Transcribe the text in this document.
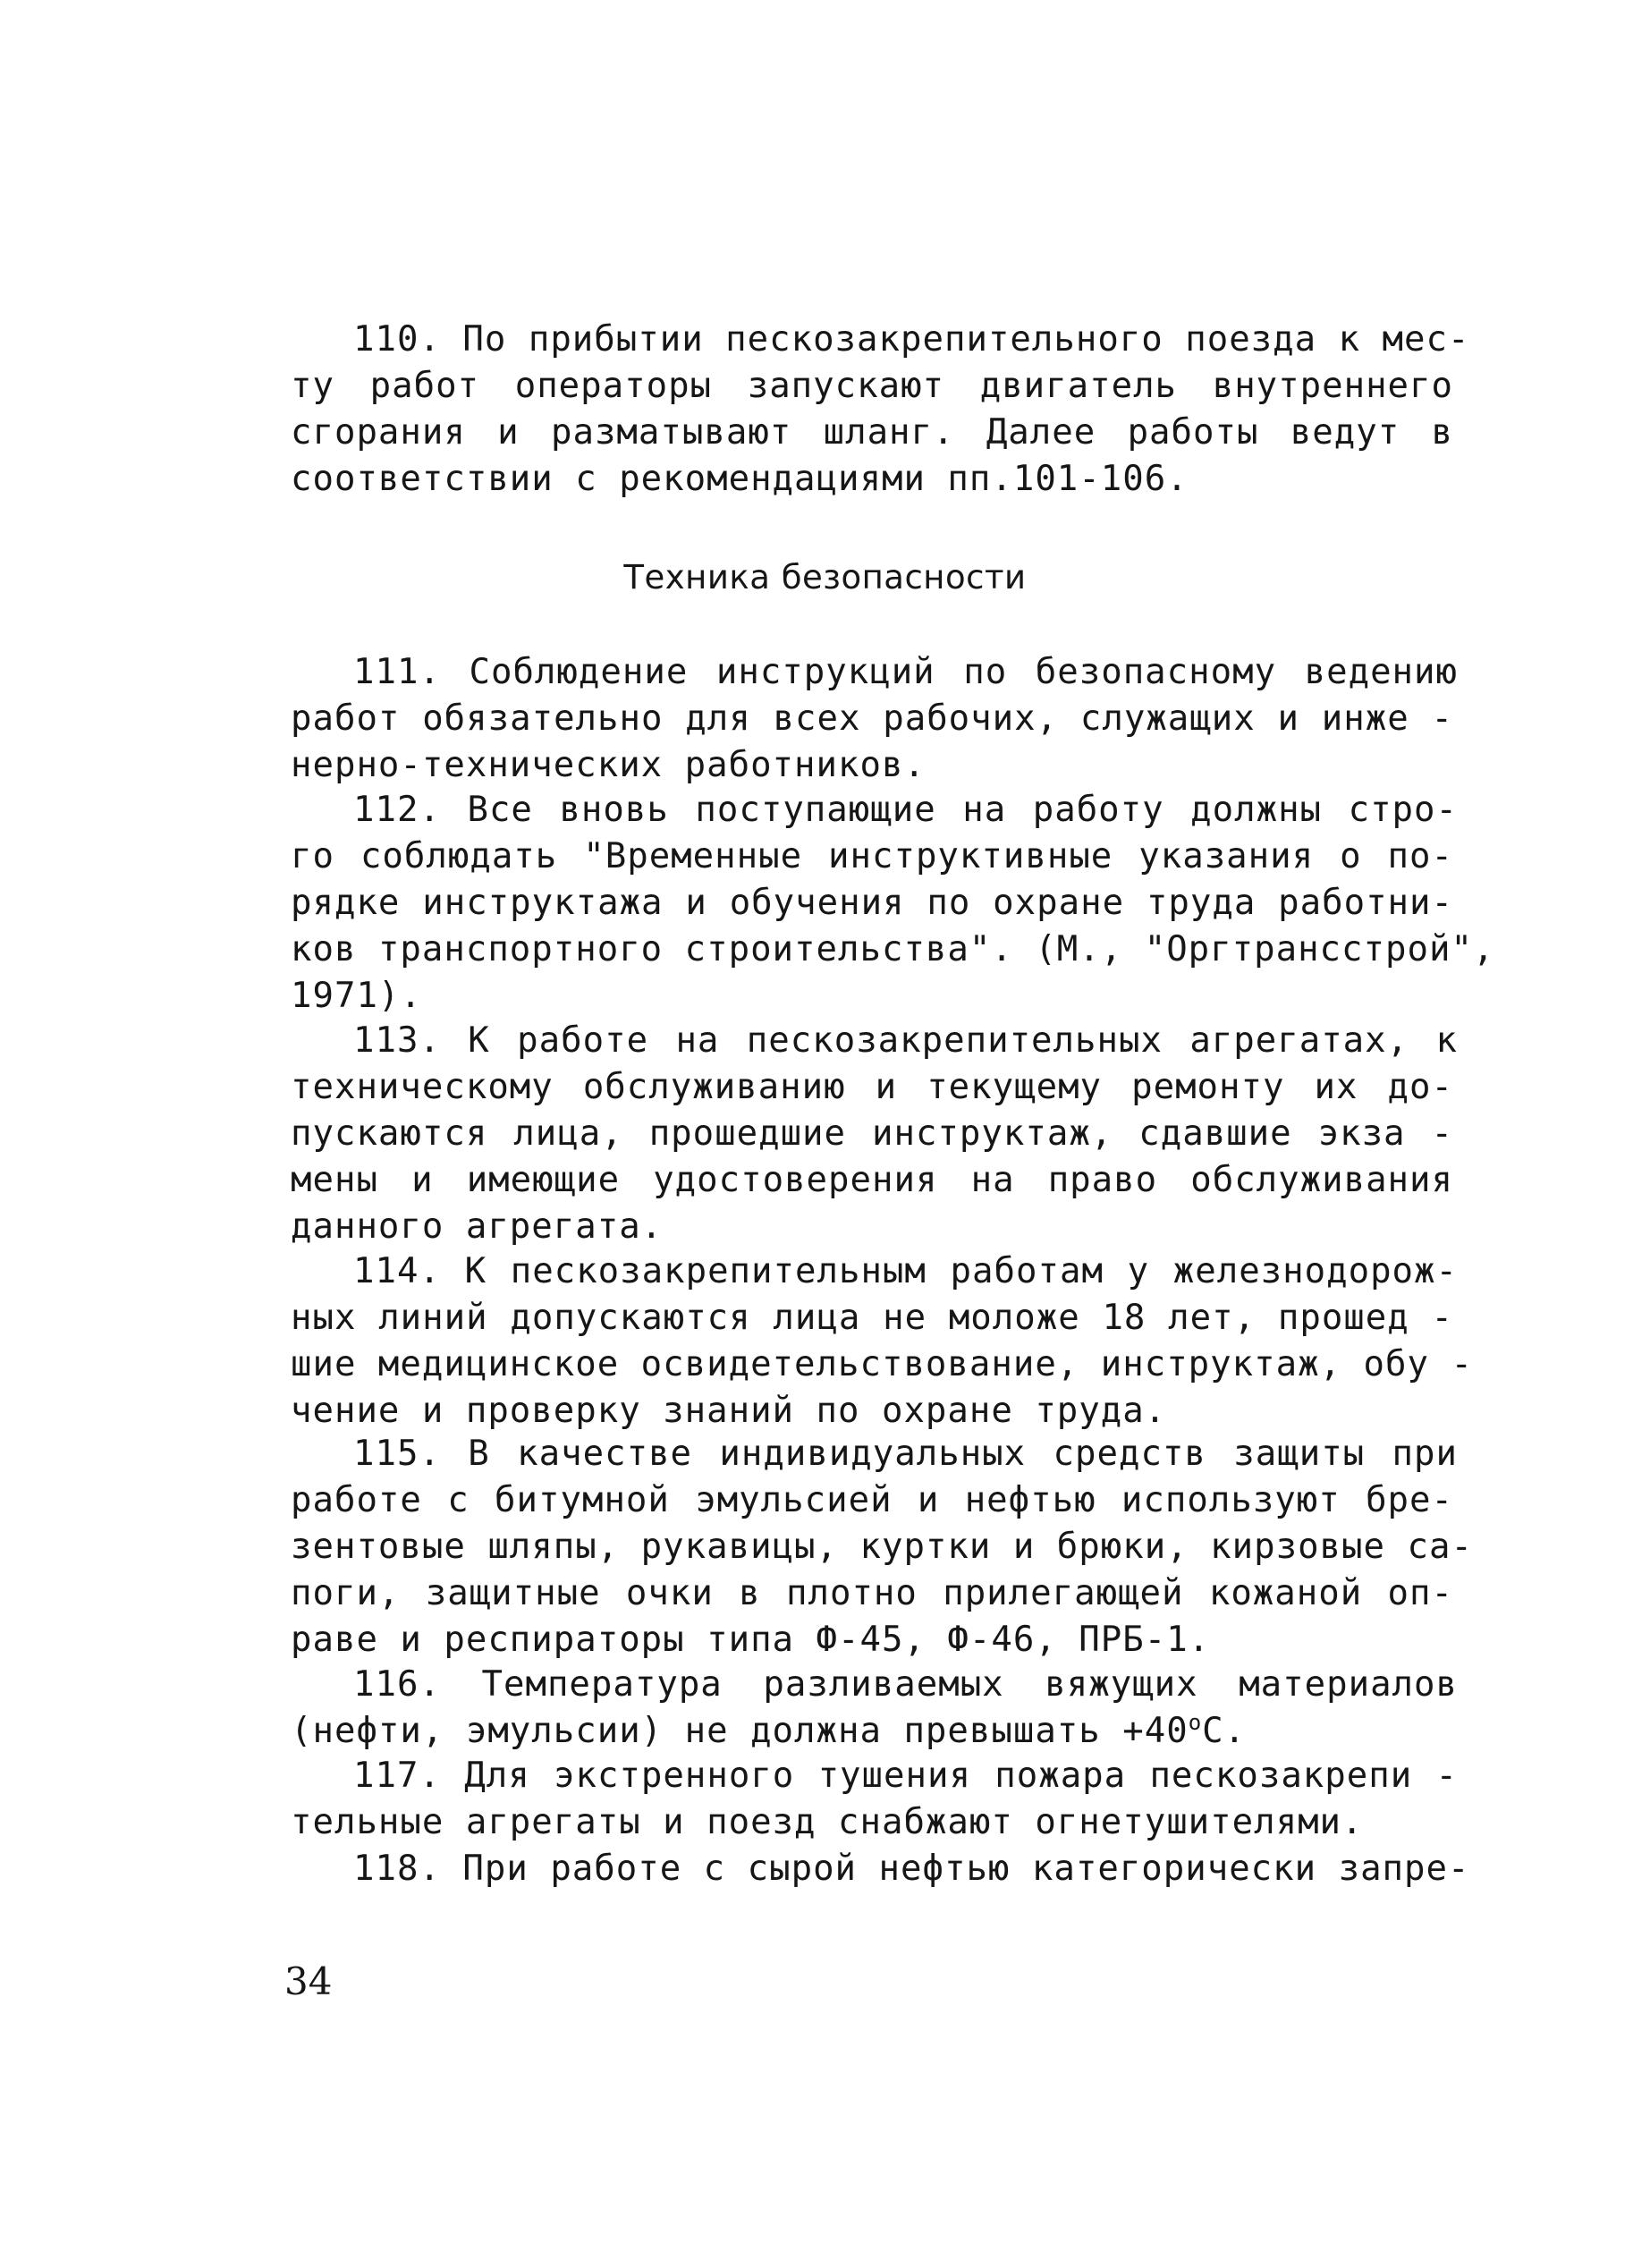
110. По прибытии пескозакрепительного поезда к мес-
ту работ операторы запускают двигатель внутреннего
сгорания и разматывают шланг. Далее работы ведут в
соответствии с рекомендациями пп.101-106.
Техника безопасности
111. Соблюдение инструкций по безопасному ведению
работ обязательно для всех рабочих, служащих и инже -
нерно-технических работников.
112. Все вновь поступающие на работу должны стро-
го соблюдать "Временные инструктивные указания о по-
рядке инструктажа и обучения по охране труда работни-
ков транспортного строительства". (М., "Оргтрансстрой",
1971).
113. К работе на пескозакрепительных агрегатах, к
техническому обслуживанию и текущему ремонту их до-
пускаются лица, прошедшие инструктаж, сдавшие экза -
мены и имеющие удостоверения на право обслуживания
данного агрегата.
114. К пескозакрепительным работам у железнодорож-
ных линий допускаются лица не моложе 18 лет, прошед -
шие медицинское освидетельствование, инструктаж, обу -
чение и проверку знаний по охране труда.
115. В качестве индивидуальных средств защиты при
работе с битумной эмульсией и нефтью используют бре-
зентовые шляпы, рукавицы, куртки и брюки, кирзовые са-
поги, защитные очки в плотно прилегающей кожаной оп-
раве и респираторы типа Ф-45, Ф-46, ПРБ-1.
116. Температура разливаемых вяжущих материалов
(нефти, эмульсии) не должна превышать $+40^оС$.
117. Для экстренного тушения пожара пескозакрепи -
тельные агрегаты и поезд снабжают огнетушителями.
118. При работе с сырой нефтью категорически запре-
34
